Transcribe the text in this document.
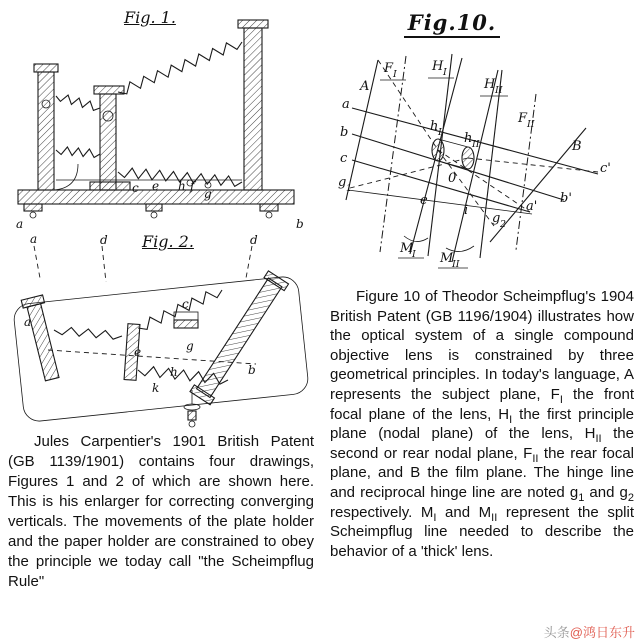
Fig. 1.
a	b
c e h f
g
Fig. 2.
a	d	d
a
e
c
g
h	b
k
Fig.10.
F I
H I
H II
F II
A
a
b
c
g 1
B
c'
b'
a'
0
h I h II
e
i
g 2
M
I M
II

Jules Carpentier's 1901 British Patent (GB 1139/1901) contains four drawings, Figures 1 and 2 of which are shown here. This is his enlarger for correcting converging verticals. The movements of the plate holder and the paper holder are constrained to obey the principle we today call "the Scheimpflug Rule"

Figure 10 of Theodor Scheimpflug's 1904 British Patent (GB 1196/1904) illustrates how the optical system of a single compound objective lens is constrained by three geometrical principles. In today's language, A represents the subject plane, $F_I$ the front focal plane of the lens, $H_I$ the first principle plane (nodal plane) of the lens, $H_{II}$ the second or rear nodal plane, $F_{II}$ the rear focal plane, and B the film plane. The hinge line and reciprocal hinge line are noted $g_1$ and $g_2$ respectively. $M_I$ and $M_{II}$ represent the split Scheimpflug line needed to describe the behavior of a 'thick' lens.

头条@鸿日东升
